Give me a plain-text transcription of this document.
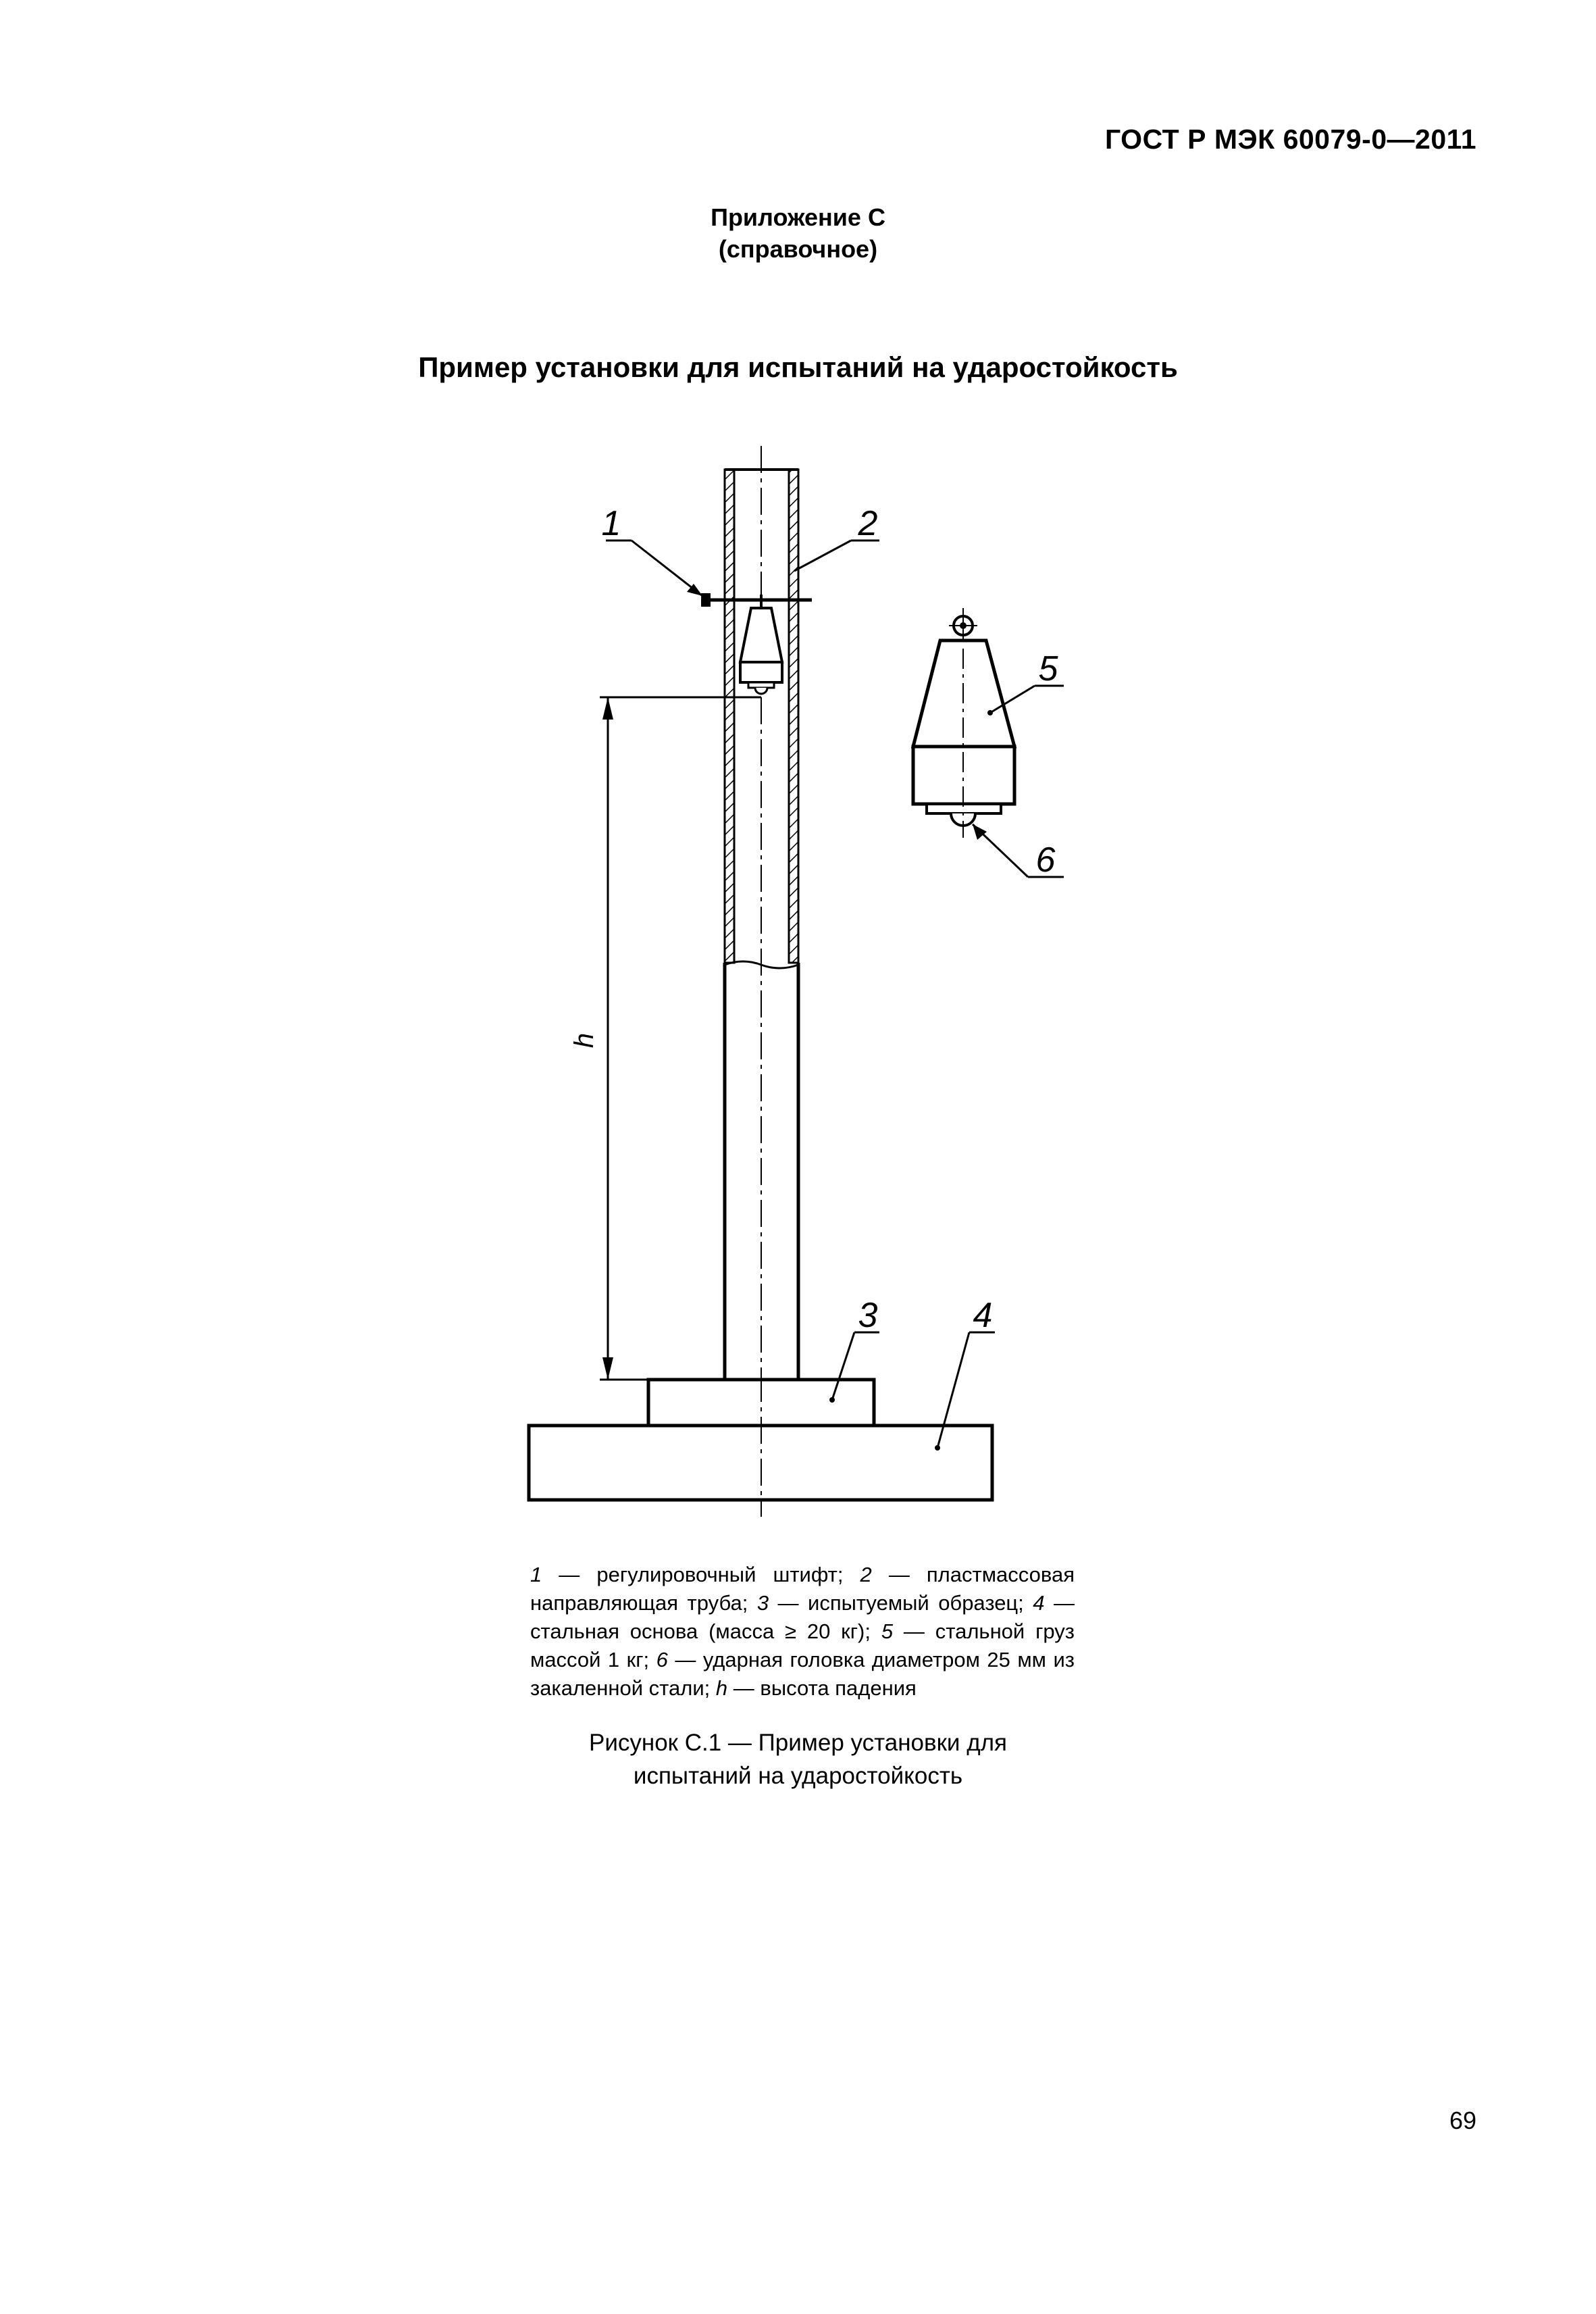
ГОСТ Р МЭК 60079-0—2011
Приложение С
(справочное)
Пример установки для испытаний на ударостойкость
h
1	2
3	4
5
6
1 — регулировочный штифт; 2 — пластмассовая направляющая труба; 3 — испытуемый образец; 4 — стальная основа (масса ≥ 20 кг); 5 — стальной груз массой 1 кг; 6 — ударная головка диаметром 25 мм из закаленной стали; h — высота падения
Рисунок С.1 — Пример установки для
испытаний на ударостойкость
69
